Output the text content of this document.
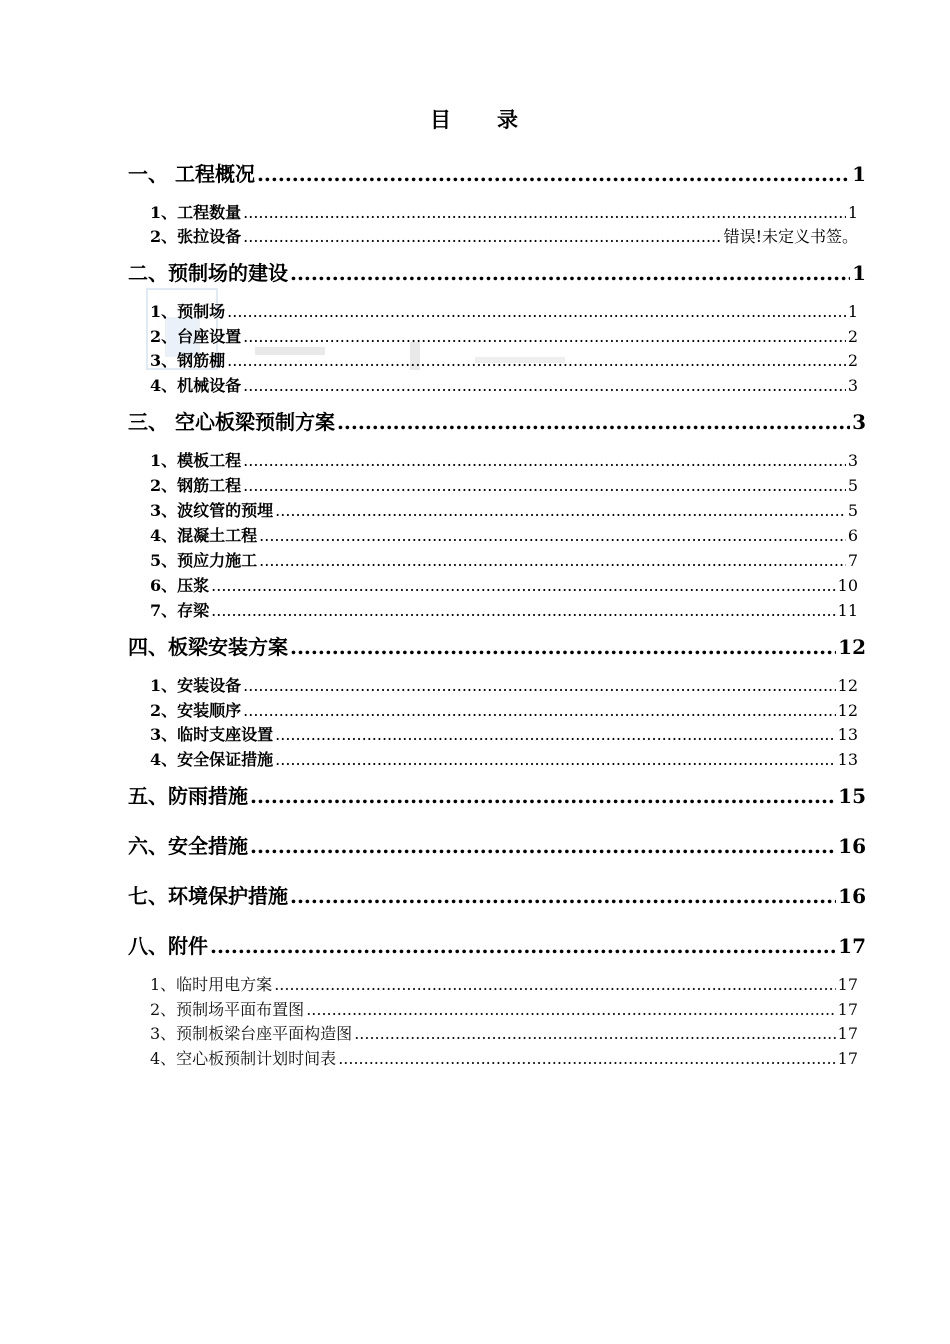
目 录
一、 工程概况 .....	1
1、工程数量 .....	1
2、张拉设备 .....	错误!未定义书签。
二、预制场的建设 .....	1
1、预制场 .....	1
2、台座设置 .....	2
3、钢筋棚 .....	2
4、机械设备 .....	3
三、 空心板梁预制方案 .....	3
1、模板工程 .....	3
2、钢筋工程 .....	5
3、波纹管的预埋 .....	5
4、混凝土工程 .....	6
5、预应力施工 .....	7
6、压浆 .....	10
7、存梁 .....	11
四、板梁安装方案 .....	12
1、安装设备 .....	12
2、安装顺序 .....	12
3、临时支座设置 .....	13
4、安全保证措施 .....	13
五、防雨措施 .....	15
六、安全措施 .....	16
七、环境保护措施 .....	16
八、附件 .....	17
1、临时用电方案 .....	17
2、预制场平面布置图 .....	17
3、预制板梁台座平面构造图 .....	17
4、空心板预制计划时间表 .....	17
